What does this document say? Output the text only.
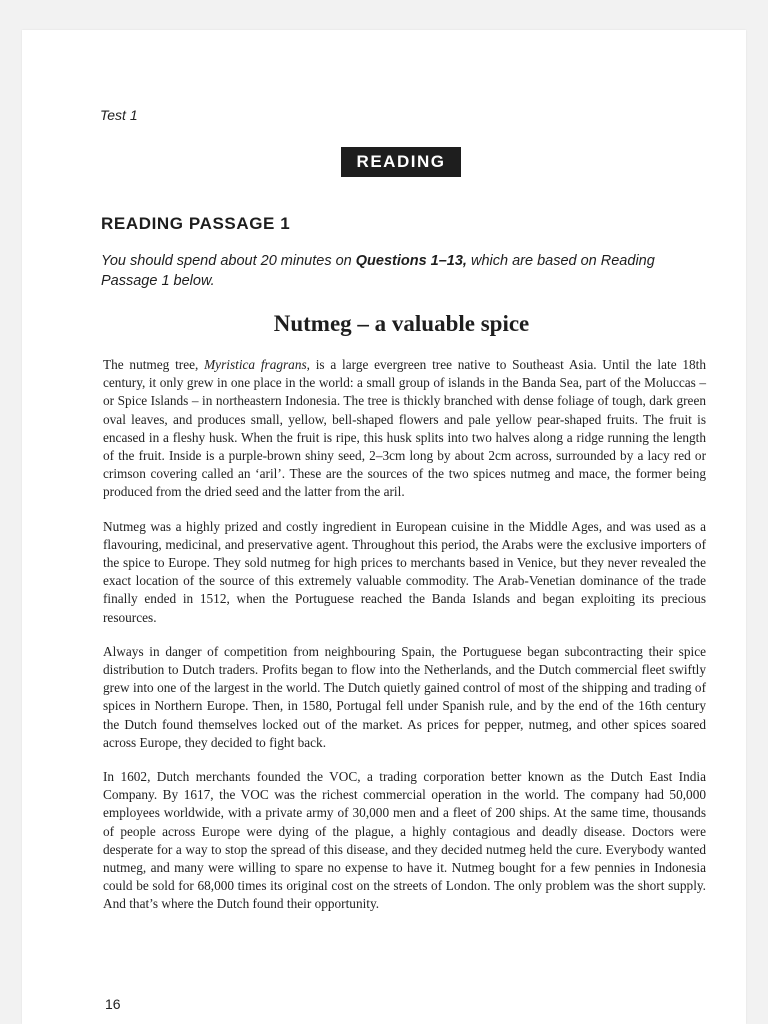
Test 1
READING
READING PASSAGE 1
You should spend about 20 minutes on Questions 1–13, which are based on Reading Passage 1 below.
Nutmeg – a valuable spice

The nutmeg tree, Myristica fragrans, is a large evergreen tree native to Southeast Asia. Until the late 18th century, it only grew in one place in the world: a small group of islands in the Banda Sea, part of the Moluccas – or Spice Islands – in northeastern Indonesia. The tree is thickly branched with dense foliage of tough, dark green oval leaves, and produces small, yellow, bell-shaped flowers and pale yellow pear-shaped fruits. The fruit is encased in a fleshy husk. When the fruit is ripe, this husk splits into two halves along a ridge running the length of the fruit. Inside is a purple-brown shiny seed, 2–3cm long by about 2cm across, surrounded by a lacy red or crimson covering called an ‘aril’. These are the sources of the two spices nutmeg and mace, the former being produced from the dried seed and the latter from the aril.

Nutmeg was a highly prized and costly ingredient in European cuisine in the Middle Ages, and was used as a flavouring, medicinal, and preservative agent. Throughout this period, the Arabs were the exclusive importers of the spice to Europe. They sold nutmeg for high prices to merchants based in Venice, but they never revealed the exact location of the source of this extremely valuable commodity. The Arab-Venetian dominance of the trade finally ended in 1512, when the Portuguese reached the Banda Islands and began exploiting its precious resources.

Always in danger of competition from neighbouring Spain, the Portuguese began subcontracting their spice distribution to Dutch traders. Profits began to flow into the Netherlands, and the Dutch commercial fleet swiftly grew into one of the largest in the world. The Dutch quietly gained control of most of the shipping and trading of spices in Northern Europe. Then, in 1580, Portugal fell under Spanish rule, and by the end of the 16th century the Dutch found themselves locked out of the market. As prices for pepper, nutmeg, and other spices soared across Europe, they decided to fight back.

In 1602, Dutch merchants founded the VOC, a trading corporation better known as the Dutch East India Company. By 1617, the VOC was the richest commercial operation in the world. The company had 50,000 employees worldwide, with a private army of 30,000 men and a fleet of 200 ships. At the same time, thousands of people across Europe were dying of the plague, a highly contagious and deadly disease. Doctors were desperate for a way to stop the spread of this disease, and they decided nutmeg held the cure. Everybody wanted nutmeg, and many were willing to spare no expense to have it. Nutmeg bought for a few pennies in Indonesia could be sold for 68,000 times its original cost on the streets of London. The only problem was the short supply. And that’s where the Dutch found their opportunity.

16
